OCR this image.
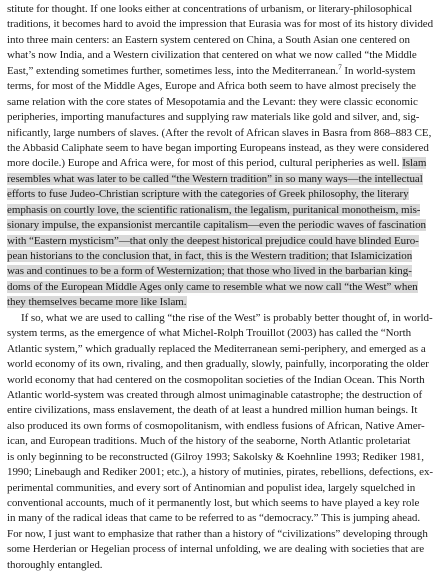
stitute for thought. If one looks either at concentrations of urbanism, or literary-philosophical
traditions, it becomes hard to avoid the impression that Eurasia was for most of its history divided
into three main centers: an Eastern system centered on China, a South Asian one centered on
what’s now India, and a Western civilization that centered on what we now called “the Middle
East,” extending sometimes further, sometimes less, into the Mediterranean.$^7$ In world-system
terms, for most of the Middle Ages, Europe and Africa both seem to have almost precisely the
same relation with the core states of Mesopotamia and the Levant: they were classic economic
peripheries, importing manufactures and supplying raw materials like gold and silver, and, sig-
nificantly, large numbers of slaves. (After the revolt of African slaves in Basra from 868–883 CE,
the Abbasid Caliphate seem to have began importing Europeans instead, as they were considered
more docile.) Europe and Africa were, for most of this period, cultural peripheries as well. Islam
resembles what was later to be called “the Western tradition” in so many ways—the intellectual
efforts to fuse Judeo-Christian scripture with the categories of Greek philosophy, the literary
emphasis on courtly love, the scientific rationalism, the legalism, puritanical monotheism, mis-
sionary impulse, the expansionist mercantile capitalism—even the periodic waves of fascination
with “Eastern mysticism”—that only the deepest historical prejudice could have blinded Euro-
pean historians to the conclusion that, in fact, this is the Western tradition; that Islamicization
was and continues to be a form of Westernization; that those who lived in the barbarian king-
doms of the European Middle Ages only came to resemble what we now call “the West” when
they themselves became more like Islam.
If so, what we are used to calling “the rise of the West” is probably better thought of, in world-
system terms, as the emergence of what Michel-Rolph Trouillot (2003) has called the “North
Atlantic system,” which gradually replaced the Mediterranean semi-periphery, and emerged as a
world economy of its own, rivaling, and then gradually, slowly, painfully, incorporating the older
world economy that had centered on the cosmopolitan societies of the Indian Ocean. This North
Atlantic world-system was created through almost unimaginable catastrophe; the destruction of
entire civilizations, mass enslavement, the death of at least a hundred million human beings. It
also produced its own forms of cosmopolitanism, with endless fusions of African, Native Amer-
ican, and European traditions. Much of the history of the seaborne, North Atlantic proletariat
is only beginning to be reconstructed (Gilroy 1993; Sakolsky & Koehnline 1993; Rediker 1981,
1990; Linebaugh and Rediker 2001; etc.), a history of mutinies, pirates, rebellions, defections, ex-
perimental communities, and every sort of Antinomian and populist idea, largely squelched in
conventional accounts, much of it permanently lost, but which seems to have played a key role
in many of the radical ideas that came to be referred to as “democracy.” This is jumping ahead.
For now, I just want to emphasize that rather than a history of “civilizations” developing through
some Herderian or Hegelian process of internal unfolding, we are dealing with societies that are
thoroughly entangled.
